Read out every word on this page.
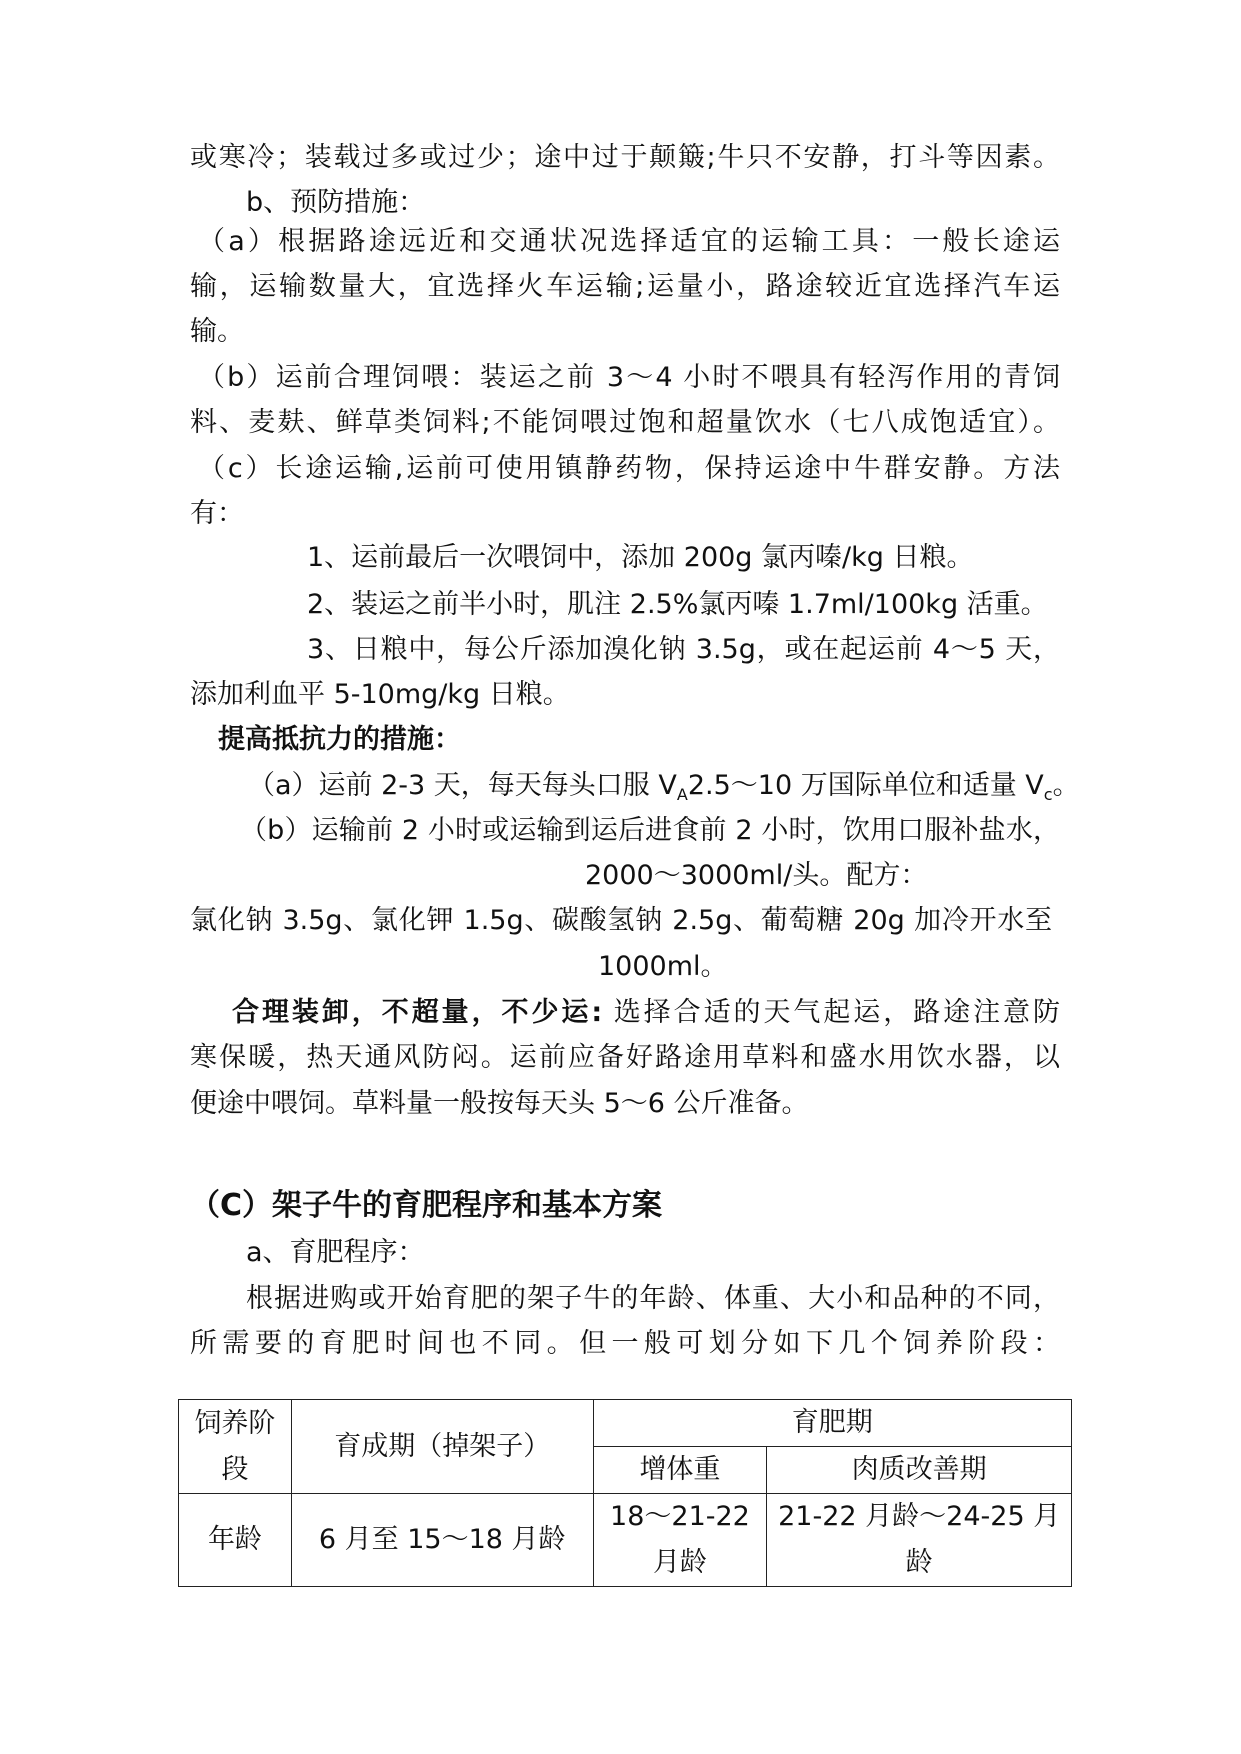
或寒冷；装载过多或过少；途中过于颠簸;牛只不安静，打斗等因素。
b、预防措施：
（a）根据路途远近和交通状况选择适宜的运输工具：一般长途运
输，运输数量大，宜选择火车运输;运量小，路途较近宜选择汽车运
输。
（b）运前合理饲喂：装运之前 3～4 小时不喂具有轻泻作用的青饲
料、麦麸、鲜草类饲料;不能饲喂过饱和超量饮水（七八成饱适宜）。
（c）长途运输,运前可使用镇静药物，保持运途中牛群安静。方法
有：
1、运前最后一次喂饲中，添加 200g 氯丙嗪/kg 日粮。
2、装运之前半小时，肌注 2.5%氯丙嗪 1.7ml/100kg 活重。
3、日粮中，每公斤添加溴化钠 3.5g，或在起运前 4～5 天，
添加利血平 5-10mg/kg 日粮。
提高抵抗力的措施：
（a）运前 2-3 天，每天每头口服 $V_A2.5\sim 10$ 万国际单位和适量 $V_c$。
（b）运输前 2 小时或运输到运后进食前 2 小时，饮用口服补盐水，
2000～3000ml/头。配方：
氯化钠 3.5g、氯化钾 1.5g、碳酸氢钠 2.5g、葡萄糖 20g 加冷开水至
1000ml。
合理装卸，不超量，不少运: 选择合适的天气起运，路途注意防
寒保暖，热天通风防闷。运前应备好路途用草料和盛水用饮水器，以
便途中喂饲。草料量一般按每天头 5～6 公斤准备。
（C）架子牛的育肥程序和基本方案
a、育肥程序：
根据进购或开始育肥的架子牛的年龄、体重、大小和品种的不同，
所需要的育肥时间也不同。但一般可划分如下几个饲养阶段：
饲养阶段	育成期（掉架子）	育肥期	
		增体重	肉质改善期
年龄	6 月至 15～18 月龄	18～21-22 月龄	21-22 月龄～24-25 月龄
